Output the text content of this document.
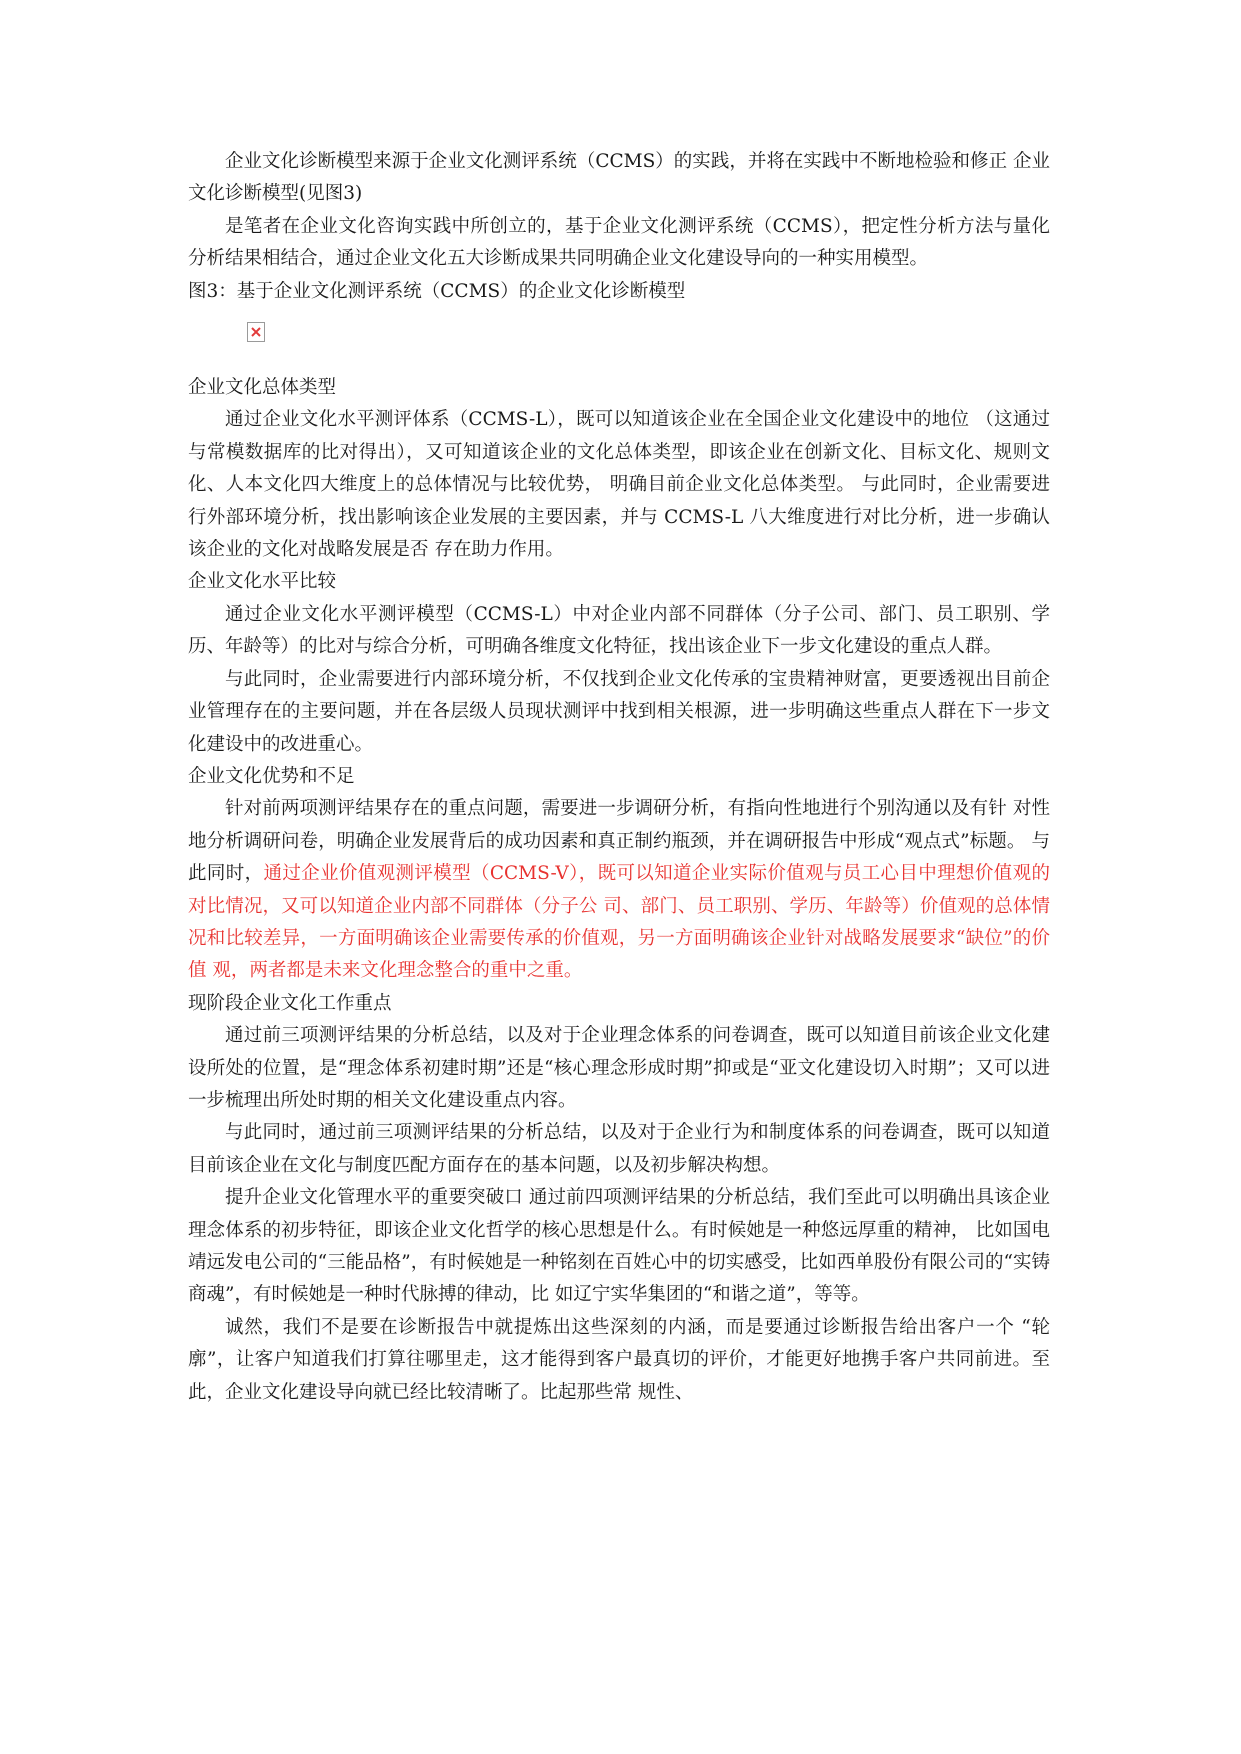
企业文化诊断模型来源于企业文化测评系统（CCMS）的实践，并将在实践中不断地检验和修正 企业文化诊断模型(见图3)

是笔者在企业文化咨询实践中所创立的，基于企业文化测评系统（CCMS），把定性分析方法与量化分析结果相结合，通过企业文化五大诊断成果共同明确企业文化建设导向的一种实用模型。

图3：基于企业文化测评系统（CCMS）的企业文化诊断模型

企业文化总体类型

通过企业文化水平测评体系（CCMS-L），既可以知道该企业在全国企业文化建设中的地位 （这通过与常模数据库的比对得出），又可知道该企业的文化总体类型，即该企业在创新文化、目标文化、规则文化、人本文化四大维度上的总体情况与比较优势， 明确目前企业文化总体类型。 与此同时，企业需要进行外部环境分析，找出影响该企业发展的主要因素，并与 CCMS-L 八大维度进行对比分析，进一步确认该企业的文化对战略发展是否 存在助力作用。

企业文化水平比较

通过企业文化水平测评模型（CCMS-L）中对企业内部不同群体（分子公司、部门、员工职别、学历、年龄等）的比对与综合分析，可明确各维度文化特征，找出该企业下一步文化建设的重点人群。

与此同时，企业需要进行内部环境分析，不仅找到企业文化传承的宝贵精神财富，更要透视出目前企业管理存在的主要问题，并在各层级人员现状测评中找到相关根源，进一步明确这些重点人群在下一步文化建设中的改进重心。

企业文化优势和不足

针对前两项测评结果存在的重点问题，需要进一步调研分析，有指向性地进行个别沟通以及有针 对性地分析调研问卷，明确企业发展背后的成功因素和真正制约瓶颈，并在调研报告中形成“观点式”标题。 与此同时，通过企业价值观测评模型（CCMS-V），既可以知道企业实际价值观与员工心目中理想价值观的对比情况，又可以知道企业内部不同群体（分子公 司、部门、员工职别、学历、年龄等）价值观的总体情况和比较差异，一方面明确该企业需要传承的价值观，另一方面明确该企业针对战略发展要求“缺位”的价值 观，两者都是未来文化理念整合的重中之重。

现阶段企业文化工作重点

通过前三项测评结果的分析总结，以及对于企业理念体系的问卷调查，既可以知道目前该企业文化建设所处的位置，是“理念体系初建时期”还是“核心理念形成时期”抑或是“亚文化建设切入时期”；又可以进一步梳理出所处时期的相关文化建设重点内容。

与此同时，通过前三项测评结果的分析总结，以及对于企业行为和制度体系的问卷调查，既可以知道目前该企业在文化与制度匹配方面存在的基本问题，以及初步解决构想。

提升企业文化管理水平的重要突破口 通过前四项测评结果的分析总结，我们至此可以明确出具该企业理念体系的初步特征，即该企业文化哲学的核心思想是什么。有时候她是一种悠远厚重的精神， 比如国电靖远发电公司的“三能品格”，有时候她是一种铭刻在百姓心中的切实感受，比如西单股份有限公司的“实铸商魂”，有时候她是一种时代脉搏的律动，比 如辽宁实华集团的“和谐之道”，等等。

诚然，我们不是要在诊断报告中就提炼出这些深刻的内涵，而是要通过诊断报告给出客户一个 “轮廓”，让客户知道我们打算往哪里走，这才能得到客户最真切的评价，才能更好地携手客户共同前进。至此，企业文化建设导向就已经比较清晰了。比起那些常 规性、
